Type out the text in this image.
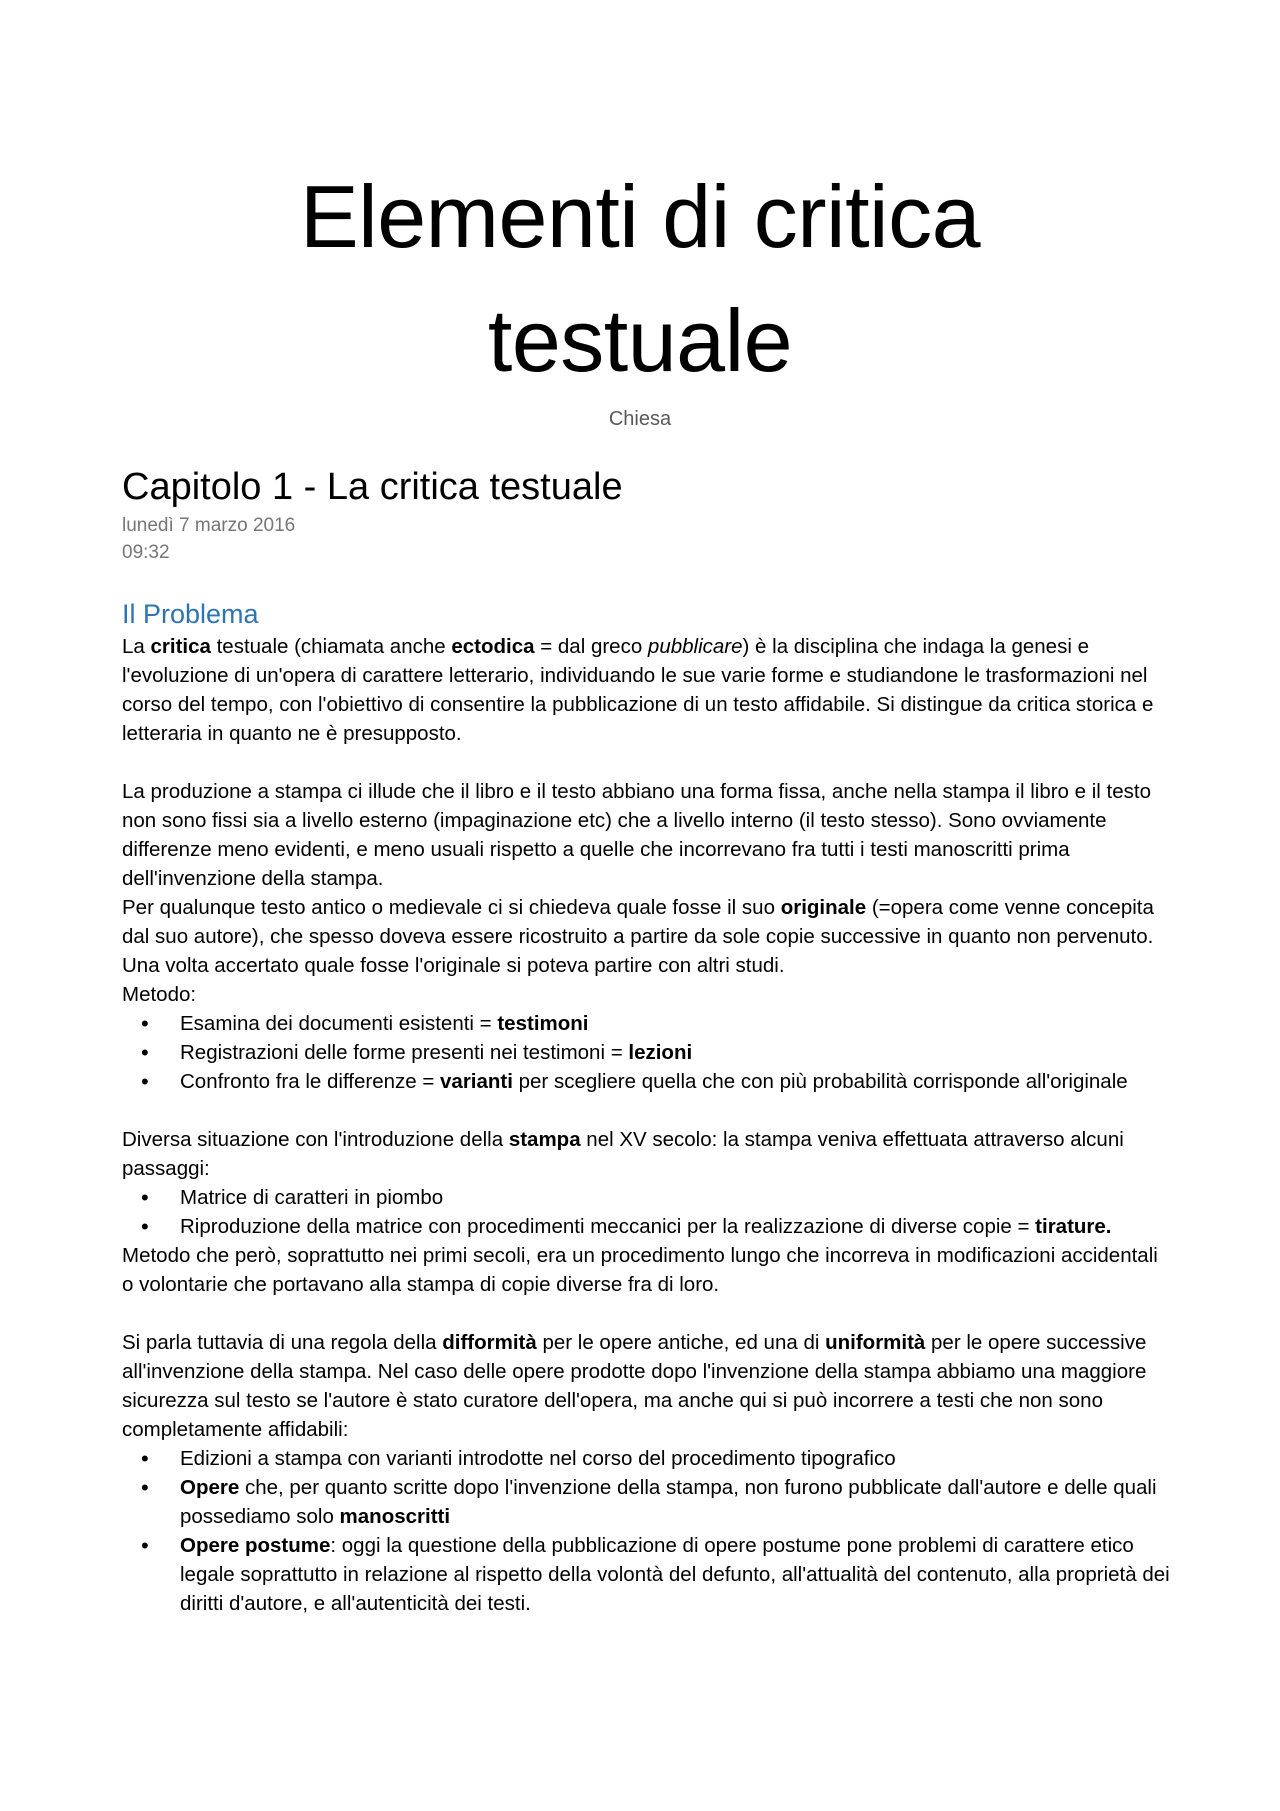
Elementi di critica
testuale
Chiesa
Capitolo 1 - La critica testuale
lunedì 7 marzo 2016
09:32
Il Problema

La critica testuale (chiamata anche ectodica = dal greco pubblicare) è la disciplina che indaga la genesi e l'evoluzione di un'opera di carattere letterario, individuando le sue varie forme e studiandone le trasformazioni nel corso del tempo, con l'obiettivo di consentire la pubblicazione di un testo affidabile. Si distingue da critica storica e letteraria in quanto ne è presupposto.

La produzione a stampa ci illude che il libro e il testo abbiano una forma fissa, anche nella stampa il libro e il testo non sono fissi sia a livello esterno (impaginazione etc) che a livello interno (il testo stesso). Sono ovviamente differenze meno evidenti, e meno usuali rispetto a quelle che incorrevano fra tutti i testi manoscritti prima dell'invenzione della stampa.

Per qualunque testo antico o medievale ci si chiedeva quale fosse il suo originale (=opera come venne concepita dal suo autore), che spesso doveva essere ricostruito a partire da sole copie successive in quanto non pervenuto. Una volta accertato quale fosse l'originale si poteva partire con altri studi.

Metodo:

• Esamina dei documenti esistenti = testimoni
• Registrazioni delle forme presenti nei testimoni = lezioni
• Confronto fra le differenze = varianti per scegliere quella che con più probabilità corrisponde all'originale

Diversa situazione con l'introduzione della stampa nel XV secolo: la stampa veniva effettuata attraverso alcuni passaggi:

• Matrice di caratteri in piombo
• Riproduzione della matrice con procedimenti meccanici per la realizzazione di diverse copie = tirature.

Metodo che però, soprattutto nei primi secoli, era un procedimento lungo che incorreva in modificazioni accidentali o volontarie che portavano alla stampa di copie diverse fra di loro.

Si parla tuttavia di una regola della difformità per le opere antiche, ed una di uniformità per le opere successive all'invenzione della stampa. Nel caso delle opere prodotte dopo l'invenzione della stampa abbiamo una maggiore sicurezza sul testo se l'autore è stato curatore dell'opera, ma anche qui si può incorrere a testi che non sono completamente affidabili:

• Edizioni a stampa con varianti introdotte nel corso del procedimento tipografico
• Opere che, per quanto scritte dopo l'invenzione della stampa, non furono pubblicate dall'autore e delle quali possediamo solo manoscritti
• Opere postume: oggi la questione della pubblicazione di opere postume pone problemi di carattere etico legale soprattutto in relazione al rispetto della volontà del defunto, all'attualità del contenuto, alla proprietà dei diritti d'autore, e all'autenticità dei testi.
